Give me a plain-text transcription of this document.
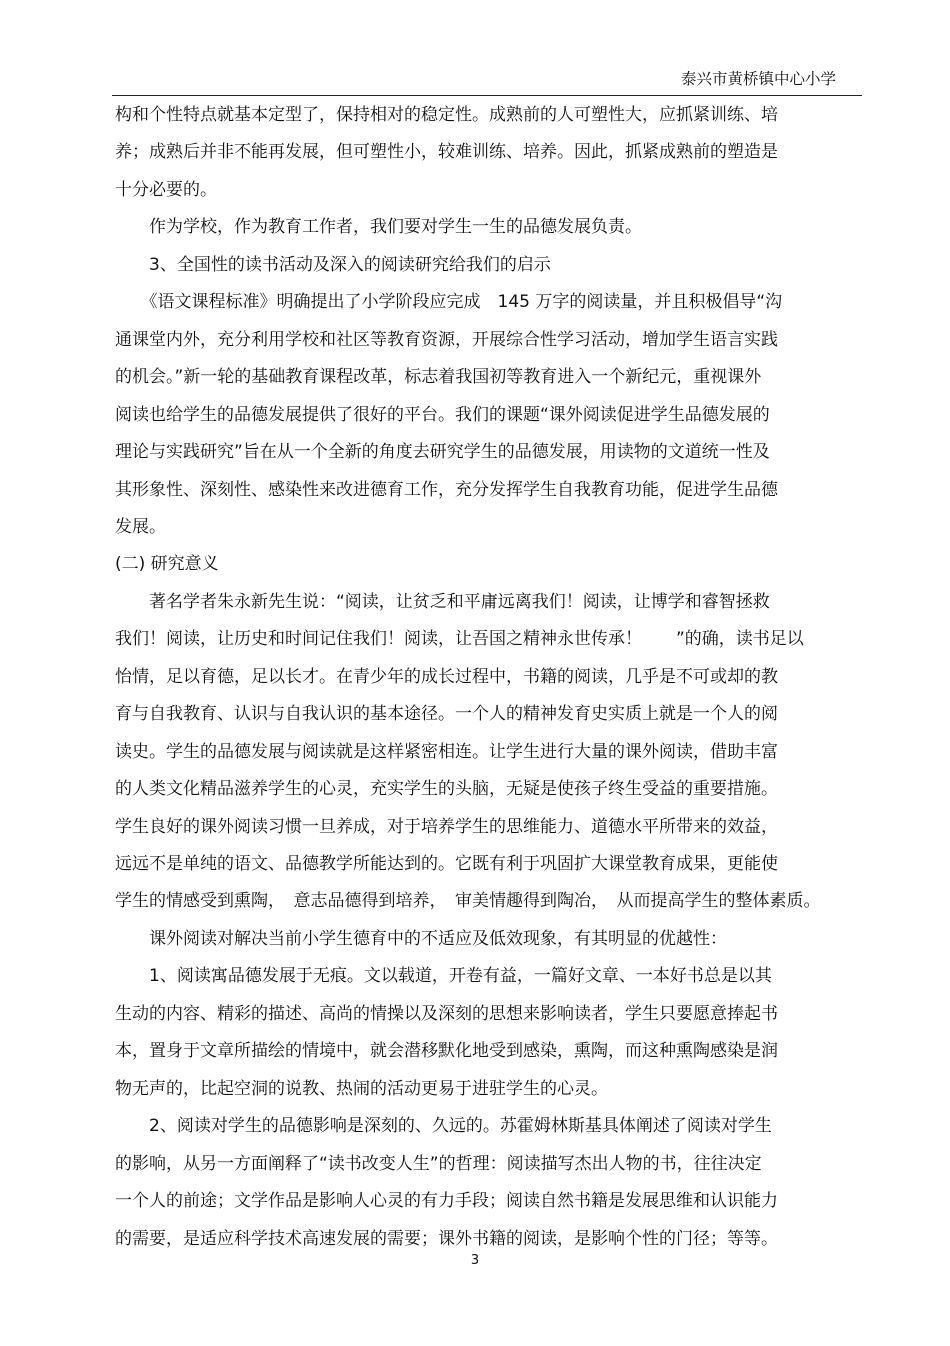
泰兴市黄桥镇中心小学
构和个性特点就基本定型了，保持相对的稳定性。成熟前的人可塑性大，应抓紧训练、培
养；成熟后并非不能再发展，但可塑性小，较难训练、培养。因此，抓紧成熟前的塑造是
十分必要的。
　　作为学校，作为教育工作者，我们要对学生一生的品德发展负责。
　　3、全国性的读书活动及深入的阅读研究给我们的启示
　　《语文课程标准》明确提出了小学阶段应完成　145 万字的阅读量，并且积极倡导“沟
通课堂内外，充分利用学校和社区等教育资源，开展综合性学习活动，增加学生语言实践
的机会。”新一轮的基础教育课程改革，标志着我国初等教育进入一个新纪元，重视课外
阅读也给学生的品德发展提供了很好的平台。我们的课题“课外阅读促进学生品德发展的
理论与实践研究”旨在从一个全新的角度去研究学生的品德发展，用读物的文道统一性及
其形象性、深刻性、感染性来改进德育工作，充分发挥学生自我教育功能，促进学生品德
发展。
(二) 研究意义
　　著名学者朱永新先生说：“阅读，让贫乏和平庸远离我们！阅读，让博学和睿智拯救
我们！阅读，让历史和时间记住我们！阅读，让吾国之精神永世传承！　　”的确，读书足以
怡情，足以育德，足以长才。在青少年的成长过程中，书籍的阅读，几乎是不可或却的教
育与自我教育、认识与自我认识的基本途径。一个人的精神发育史实质上就是一个人的阅
读史。学生的品德发展与阅读就是这样紧密相连。让学生进行大量的课外阅读，借助丰富
的人类文化精品滋养学生的心灵，充实学生的头脑，无疑是使孩子终生受益的重要措施。
学生良好的课外阅读习惯一旦养成，对于培养学生的思维能力、道德水平所带来的效益，
远远不是单纯的语文、品德教学所能达到的。它既有利于巩固扩大课堂教育成果，更能使
学生的情感受到熏陶，　意志品德得到培养，　审美情趣得到陶冶，　从而提高学生的整体素质。
　　课外阅读对解决当前小学生德育中的不适应及低效现象，有其明显的优越性：
　　1、阅读寓品德发展于无痕。文以载道，开卷有益，一篇好文章、一本好书总是以其
生动的内容、精彩的描述、高尚的情操以及深刻的思想来影响读者，学生只要愿意捧起书
本，置身于文章所描绘的情境中，就会潜移默化地受到感染，熏陶，而这种熏陶感染是润
物无声的，比起空洞的说教、热闹的活动更易于进驻学生的心灵。
　　2、阅读对学生的品德影响是深刻的、久远的。苏霍姆林斯基具体阐述了阅读对学生
的影响，从另一方面阐释了“读书改变人生”的哲理：阅读描写杰出人物的书，往往决定
一个人的前途；文学作品是影响人心灵的有力手段；阅读自然书籍是发展思维和认识能力
的需要，是适应科学技术高速发展的需要；课外书籍的阅读，是影响个性的门径；等等。
3
